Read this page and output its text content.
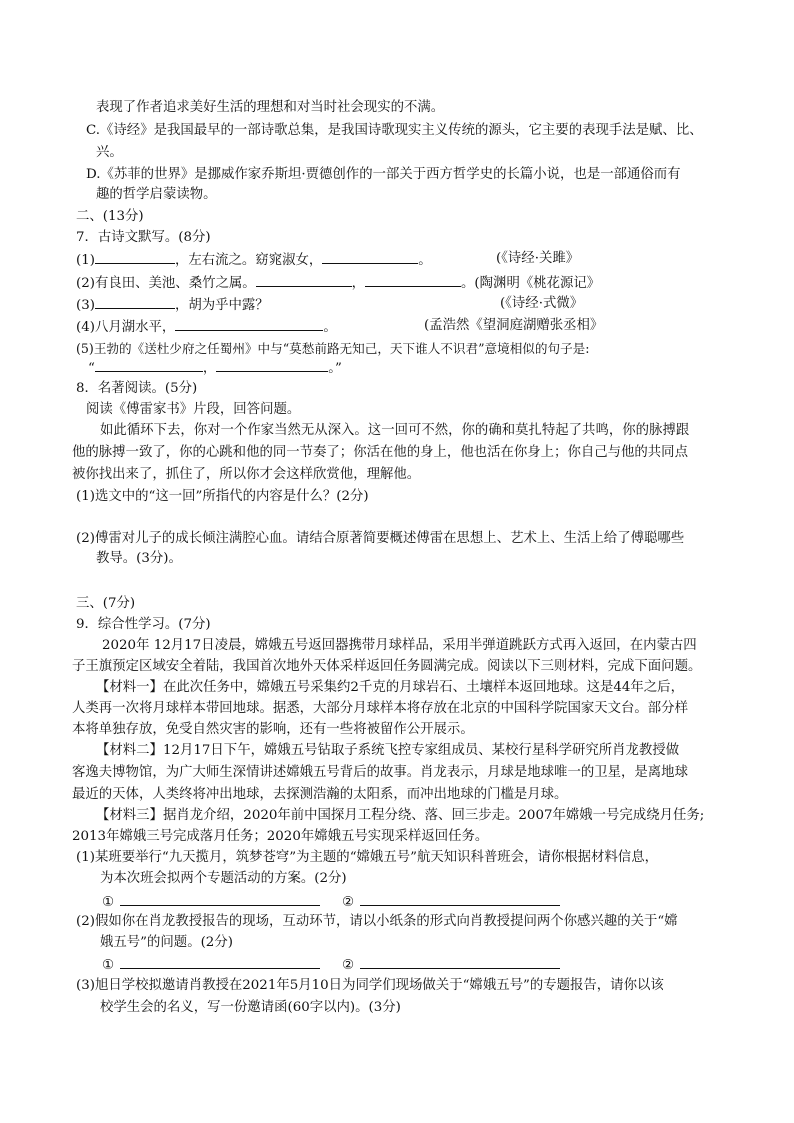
表现了作者追求美好生活的理想和对当时社会现实的不满。
C.《诗经》是我国最早的一部诗歌总集，是我国诗歌现实主义传统的源头，它主要的表现手法是赋、比、
兴。
D.《苏菲的世界》是挪威作家乔斯坦·贾德创作的一部关于西方哲学史的长篇小说，也是一部通俗而有
趣的哲学启蒙读物。
二、(13分)
7．古诗文默写。(8分)
(1)	，左右流之。窈窕淑女，	。	(《诗经·关雎》
(2)有良田、美池、桑竹之属。	，	。(陶渊明《桃花源记》
(3)	，胡为乎中露？	(《诗经·式微》
(4)八月湖水平，	。	(孟浩然《望洞庭湖赠张丞相》
(5)王勃的《送杜少府之任蜀州》中与“莫愁前路无知己，天下谁人不识君”意境相似的句子是:
“	，	。”
8．名著阅读。(5分)
阅读《傅雷家书》片段，回答问题。
如此循环下去，你对一个作家当然无从深入。这一回可不然，你的确和莫扎特起了共鸣，你的脉搏跟
他的脉搏一致了，你的心跳和他的同一节奏了；你活在他的身上，他也活在你身上；你自己与他的共同点
被你找出来了，抓住了，所以你才会这样欣赏他，理解他。
(1)选文中的“这一回”所指代的内容是什么？(2分)
(2)傅雷对儿子的成长倾注满腔心血。请结合原著简要概述傅雷在思想上、艺术上、生活上给了傅聪哪些
教导。(3分)。
三、(7分)
9．综合性学习。(7分)
2020年 12月17日凌晨，嫦娥五号返回器携带月球样品，采用半弹道跳跃方式再入返回，在内蒙古四
子王旗预定区域安全着陆，我国首次地外天体采样返回任务圆满完成。阅读以下三则材料，完成下面问题。
【材料一】在此次任务中，嫦娥五号采集约2千克的月球岩石、土壤样本返回地球。这是44年之后，
人类再一次将月球样本带回地球。据悉，大部分月球样本将存放在北京的中国科学院国家天文台。部分样
本将单独存放，免受自然灾害的影响，还有一些将被留作公开展示。
【材料二】12月17日下午，嫦娥五号钻取子系统飞控专家组成员、某校行星科学研究所肖龙教授做
客逸夫博物馆，为广大师生深情讲述嫦娥五号背后的故事。肖龙表示，月球是地球唯一的卫星，是离地球
最近的天体，人类终将冲出地球，去探测浩瀚的太阳系，而冲出地球的门槛是月球。
【材料三】据肖龙介绍，2020年前中国探月工程分绕、落、回三步走。2007年嫦娥一号完成绕月任务;
2013年嫦娥三号完成落月任务；2020年嫦娥五号实现采样返回任务。
(1)某班要举行“九天揽月，筑梦苍穹”为主题的“嫦娥五号”航天知识科普班会，请你根据材料信息，
为本次班会拟两个专题活动的方案。(2分)
①	②
(2)假如你在肖龙教授报告的现场，互动环节，请以小纸条的形式向肖教授提问两个你感兴趣的关于“嫦
娥五号”的问题。(2分)
①	②
(3)旭日学校拟邀请肖教授在2021年5月10日为同学们现场做关于“嫦娥五号”的专题报告，请你以该
校学生会的名义，写一份邀请函(60字以内)。(3分)
